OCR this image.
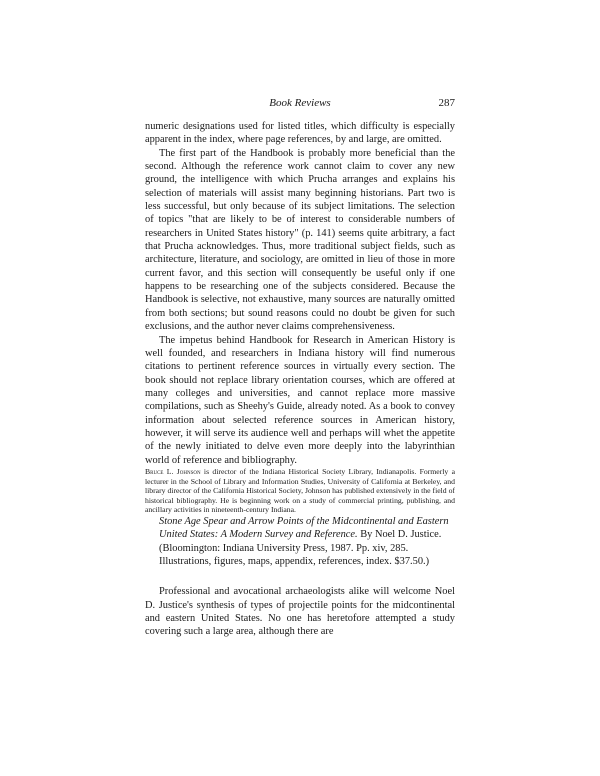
Book Reviews	287

numeric designations used for listed titles, which difficulty is especially apparent in the index, where page references, by and large, are omitted.

The first part of the Handbook is probably more beneficial than the second. Although the reference work cannot claim to cover any new ground, the intelligence with which Prucha arranges and explains his selection of materials will assist many beginning historians. Part two is less successful, but only because of its subject limitations. The selection of topics "that are likely to be of interest to considerable numbers of researchers in United States history" (p. 141) seems quite arbitrary, a fact that Prucha acknowledges. Thus, more traditional subject fields, such as architecture, literature, and sociology, are omitted in lieu of those in more current favor, and this section will consequently be useful only if one happens to be researching one of the subjects considered. Because the Handbook is selective, not exhaustive, many sources are naturally omitted from both sections; but sound reasons could no doubt be given for such exclusions, and the author never claims comprehensiveness.

The impetus behind Handbook for Research in American History is well founded, and researchers in Indiana history will find numerous citations to pertinent reference sources in virtually every section. The book should not replace library orientation courses, which are offered at many colleges and universities, and cannot replace more massive compilations, such as Sheehy's Guide, already noted. As a book to convey information about selected reference sources in American history, however, it will serve its audience well and perhaps will whet the appetite of the newly initiated to delve even more deeply into the labyrinthian world of reference and bibliography.

Bruce L. Johnson is director of the Indiana Historical Society Library, Indianapolis. Formerly a lecturer in the School of Library and Information Studies, University of California at Berkeley, and library director of the California Historical Society, Johnson has published extensively in the field of historical bibliography. He is beginning work on a study of commercial printing, publishing, and ancillary activities in nineteenth-century Indiana.

Stone Age Spear and Arrow Points of the Midcontinental and Eastern United States: A Modern Survey and Reference. By Noel D. Justice. (Bloomington: Indiana University Press, 1987. Pp. xiv, 285. Illustrations, figures, maps, appendix, references, index. $37.50.)

Professional and avocational archaeologists alike will welcome Noel D. Justice's synthesis of types of projectile points for the midcontinental and eastern United States. No one has heretofore attempted a study covering such a large area, although there are
